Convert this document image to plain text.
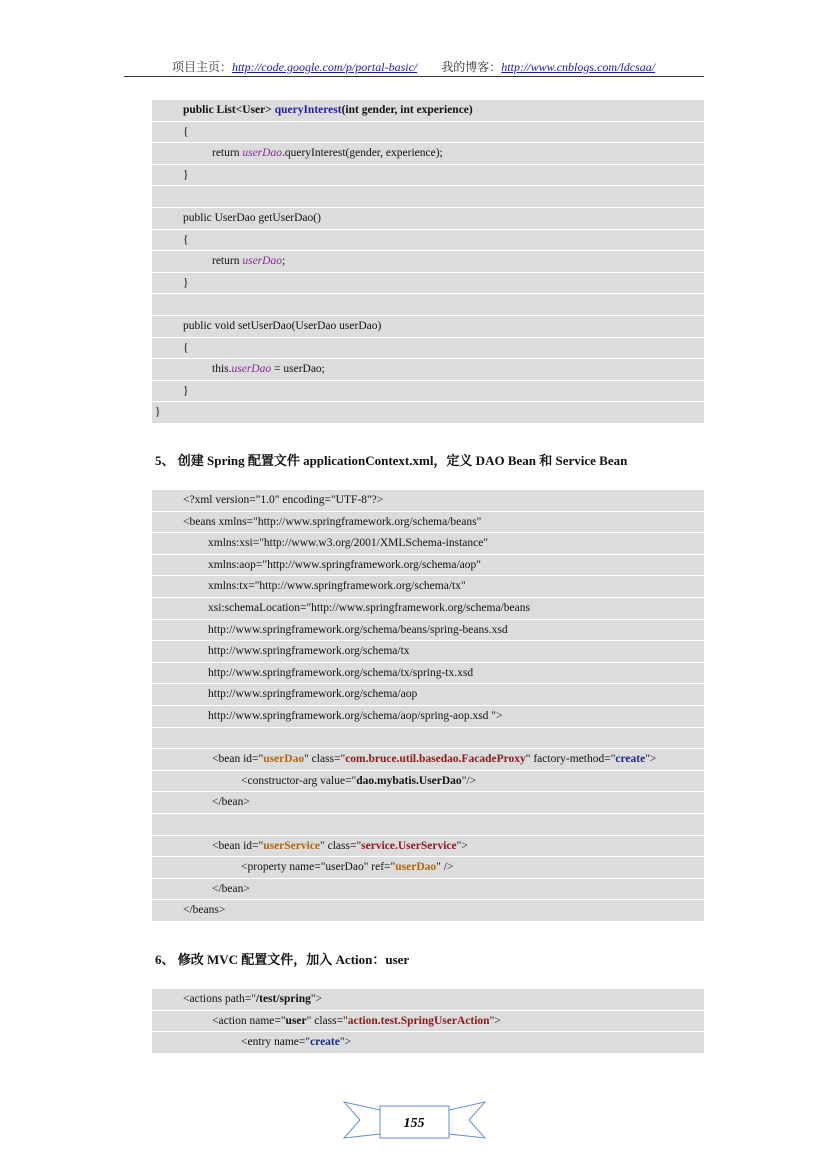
项目主页：http://code.google.com/p/portal-basic/ 我的博客：http://www.cnblogs.com/ldcsaa/
public List<User> queryInterest(int gender, int experience)
{
return userDao.queryInterest(gender, experience);
}
public UserDao getUserDao()
{
return userDao;
}
public void setUserDao(UserDao userDao)
{
this.userDao = userDao;
}
}
5、 创建 Spring 配置文件 applicationContext.xml，定义 DAO Bean 和 Service Bean
<?xml version="1.0" encoding="UTF-8"?>
<beans xmlns="http://www.springframework.org/schema/beans"
xmlns:xsi="http://www.w3.org/2001/XMLSchema-instance"
xmlns:aop="http://www.springframework.org/schema/aop"
xmlns:tx="http://www.springframework.org/schema/tx"
xsi:schemaLocation="http://www.springframework.org/schema/beans
http://www.springframework.org/schema/beans/spring-beans.xsd
http://www.springframework.org/schema/tx
http://www.springframework.org/schema/tx/spring-tx.xsd
http://www.springframework.org/schema/aop
http://www.springframework.org/schema/aop/spring-aop.xsd ">
<bean id="userDao" class="com.bruce.util.basedao.FacadeProxy" factory-method="create">
<constructor-arg value="dao.mybatis.UserDao"/>
</bean>
<bean id="userService" class="service.UserService">
<property name="userDao" ref="userDao" />
</bean>
</beans>
6、 修改 MVC 配置文件，加入 Action：user
<actions path="/test/spring">
<action name="user" class="action.test.SpringUserAction">
<entry name="create">
155
